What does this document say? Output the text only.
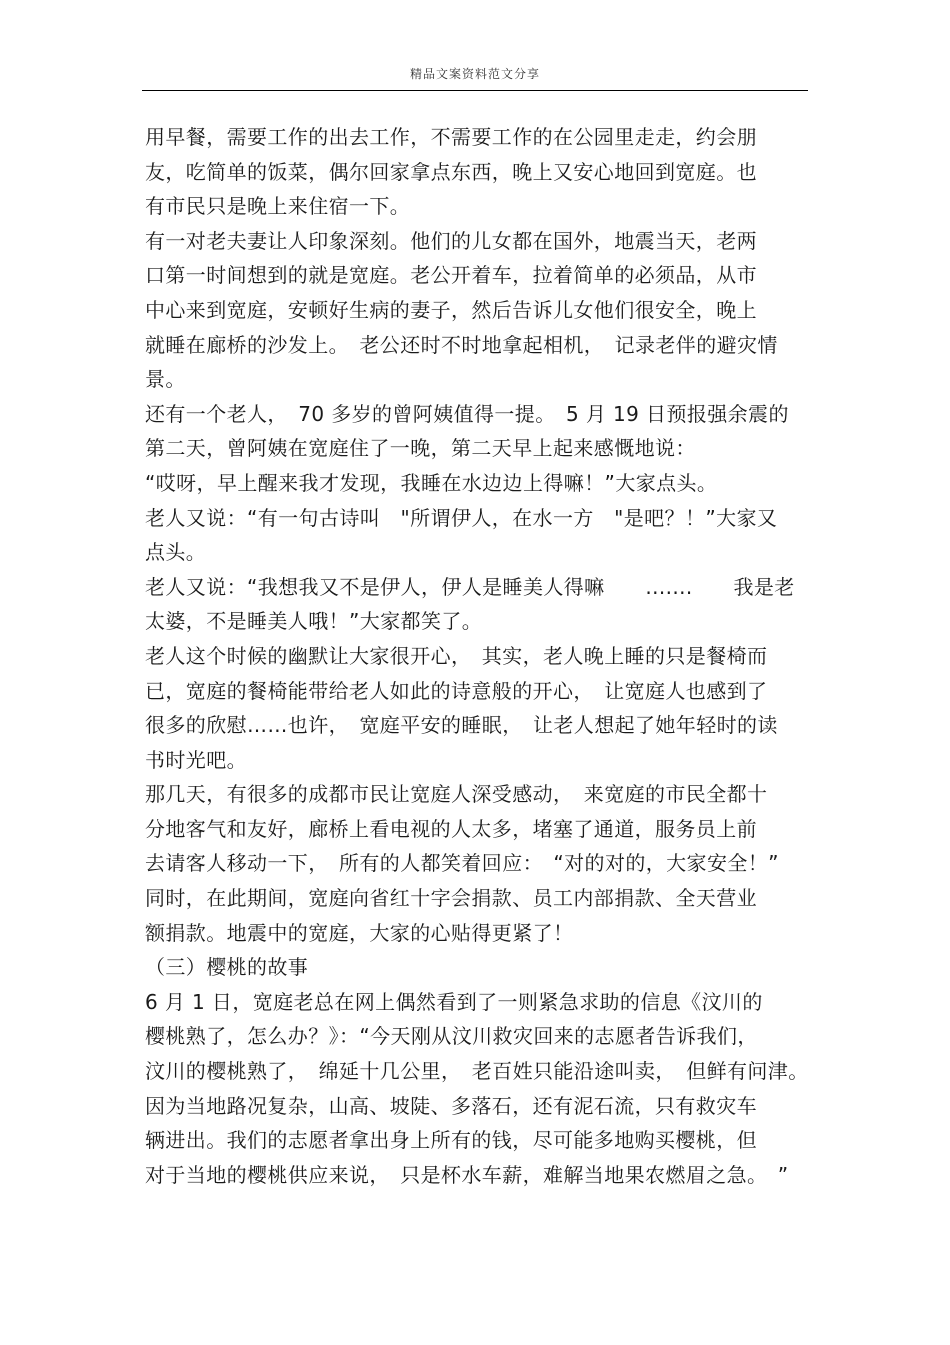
精品文案资料范文分享
用早餐，需要工作的出去工作，不需要工作的在公园里走走，约会朋
友，吃简单的饭菜，偶尔回家拿点东西，晚上又安心地回到宽庭。也
有市民只是晚上来住宿一下。
有一对老夫妻让人印象深刻。他们的儿女都在国外，地震当天，老两
口第一时间想到的就是宽庭。老公开着车，拉着简单的必须品，从市
中心来到宽庭，安顿好生病的妻子，然后告诉儿女他们很安全，晚上
就睡在廊桥的沙发上。　老公还时不时地拿起相机，　记录老伴的避灾情
景。
还有一个老人，　70 多岁的曾阿姨值得一提。　5 月 19 日预报强余震的
第二天，曾阿姨在宽庭住了一晚，第二天早上起来感慨地说：
“哎呀，早上醒来我才发现，我睡在水边边上得嘛！”大家点头。
老人又说：“有一句古诗叫　"所谓伊人，在水一方　"是吧？！”大家又
点头。
老人又说：“我想我又不是伊人，伊人是睡美人得嘛　　.......　　我是老
太婆，不是睡美人哦！”大家都笑了。
老人这个时候的幽默让大家很开心，　其实，老人晚上睡的只是餐椅而
已，宽庭的餐椅能带给老人如此的诗意般的开心，　让宽庭人也感到了
很多的欣慰……也许，　宽庭平安的睡眠，　让老人想起了她年轻时的读
书时光吧。
那几天，有很多的成都市民让宽庭人深受感动，　来宽庭的市民全都十
分地客气和友好，廊桥上看电视的人太多，堵塞了通道，服务员上前
去请客人移动一下，　所有的人都笑着回应：　“对的对的，大家安全！”
同时，在此期间，宽庭向省红十字会捐款、员工内部捐款、全天营业
额捐款。地震中的宽庭，大家的心贴得更紧了！
（三）樱桃的故事
6 月 1 日，宽庭老总在网上偶然看到了一则紧急求助的信息《汶川的
樱桃熟了，怎么办？》：“今天刚从汶川救灾回来的志愿者告诉我们，
汶川的樱桃熟了，　绵延十几公里，　老百姓只能沿途叫卖，　但鲜有问津。
因为当地路况复杂，山高、坡陡、多落石，还有泥石流，只有救灾车
辆进出。我们的志愿者拿出身上所有的钱，尽可能多地购买樱桃，但
对于当地的樱桃供应来说，　只是杯水车薪，难解当地果农燃眉之急。　”
